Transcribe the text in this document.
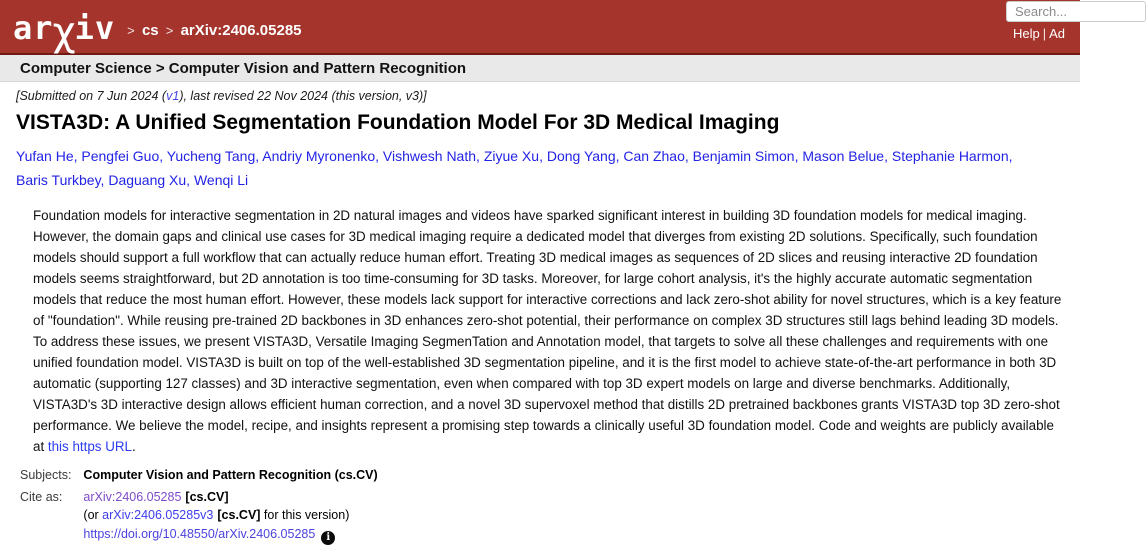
ar χ iv > cs > arXiv:2406.05285
Search...	Help | Ad
Computer Science > Computer Vision and Pattern Recognition
[Submitted on 7 Jun 2024 (v1), last revised 22 Nov 2024 (this version, v3)]
VISTA3D: A Unified Segmentation Foundation Model For 3D Medical Imaging
Yufan He, Pengfei Guo, Yucheng Tang, Andriy Myronenko, Vishwesh Nath, Ziyue Xu, Dong Yang, Can Zhao, Benjamin Simon, Mason Belue, Stephanie Harmon, Baris Turkbey, Daguang Xu, Wenqi Li
Foundation models for interactive segmentation in 2D natural images and videos have sparked significant interest in building 3D foundation models for medical imaging. However, the domain gaps and clinical use cases for 3D medical imaging require a dedicated model that diverges from existing 2D solutions. Specifically, such foundation models should support a full workflow that can actually reduce human effort. Treating 3D medical images as sequences of 2D slices and reusing interactive 2D foundation models seems straightforward, but 2D annotation is too time-consuming for 3D tasks. Moreover, for large cohort analysis, it's the highly accurate automatic segmentation models that reduce the most human effort. However, these models lack support for interactive corrections and lack zero-shot ability for novel structures, which is a key feature of "foundation". While reusing pre-trained 2D backbones in 3D enhances zero-shot potential, their performance on complex 3D structures still lags behind leading 3D models. To address these issues, we present VISTA3D, Versatile Imaging SegmenTation and Annotation model, that targets to solve all these challenges and requirements with one unified foundation model. VISTA3D is built on top of the well-established 3D segmentation pipeline, and it is the first model to achieve state-of-the-art performance in both 3D automatic (supporting 127 classes) and 3D interactive segmentation, even when compared with top 3D expert models on large and diverse benchmarks. Additionally, VISTA3D's 3D interactive design allows efficient human correction, and a novel 3D supervoxel method that distills 2D pretrained backbones grants VISTA3D top 3D zero-shot performance. We believe the model, recipe, and insights represent a promising step towards a clinically useful 3D foundation model. Code and weights are publicly available at this https URL.
Subjects:	Computer Vision and Pattern Recognition (cs.CV)
Cite as:	arXiv:2406.05285 [cs.CV]
(or arXiv:2406.05285v3 [cs.CV] for this version)
https://doi.org/10.48550/arXiv.2406.05285 i
